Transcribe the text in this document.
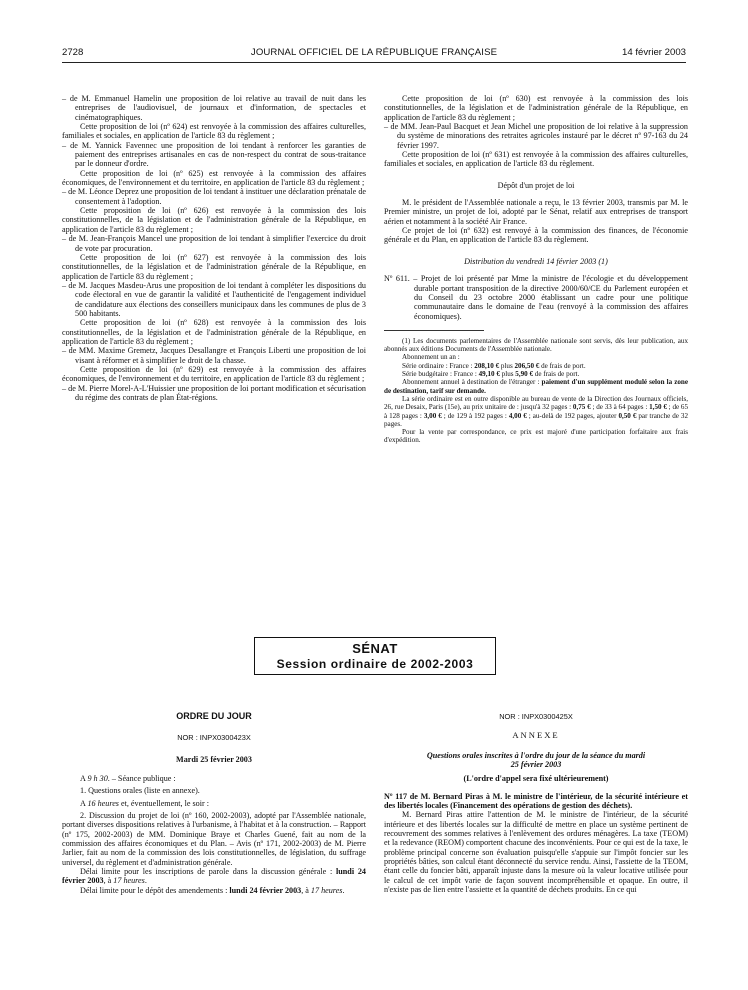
2728	JOURNAL OFFICIEL DE LA RÉPUBLIQUE FRANÇAISE	14 février 2003

– de M. Emmanuel Hamelin une proposition de loi relative au travail de nuit dans les entreprises de l'audiovisuel, de journaux et d'information, de spectacles et cinématographiques.

Cette proposition de loi (nº 624) est renvoyée à la commission des affaires culturelles, familiales et sociales, en application de l'article 83 du règlement ;

– de M. Yannick Favennec une proposition de loi tendant à renforcer les garanties de paiement des entreprises artisanales en cas de non-respect du contrat de sous-traitance par le donneur d'ordre.

Cette proposition de loi (nº 625) est renvoyée à la commission des affaires économiques, de l'environnement et du territoire, en application de l'article 83 du règlement ;

– de M. Léonce Deprez une proposition de loi tendant à instituer une déclaration prénatale de consentement à l'adoption.

Cette proposition de loi (nº 626) est renvoyée à la commission des lois constitutionnelles, de la législation et de l'administration générale de la République, en application de l'article 83 du règlement ;

– de M. Jean-François Mancel une proposition de loi tendant à simplifier l'exercice du droit de vote par procuration.

Cette proposition de loi (nº 627) est renvoyée à la commission des lois constitutionnelles, de la législation et de l'administration générale de la République, en application de l'article 83 du règlement ;

– de M. Jacques Masdeu-Arus une proposition de loi tendant à compléter les dispositions du code électoral en vue de garantir la validité et l'authenticité de l'engagement individuel de candidature aux élections des conseillers municipaux dans les communes de plus de 3 500 habitants.

Cette proposition de loi (nº 628) est renvoyée à la commission des lois constitutionnelles, de la législation et de l'administration générale de la République, en application de l'article 83 du règlement ;

– de MM. Maxime Gremetz, Jacques Desallangre et François Liberti une proposition de loi visant à réformer et à simplifier le droit de la chasse.

Cette proposition de loi (nº 629) est renvoyée à la commission des affaires économiques, de l'environnement et du territoire, en application de l'article 83 du règlement ;

– de M. Pierre Morel-A-L'Huissier une proposition de loi portant modification et sécurisation du régime des contrats de plan État-régions.

Cette proposition de loi (nº 630) est renvoyée à la commission des lois constitutionnelles, de la législation et de l'administration générale de la République, en application de l'article 83 du règlement ;

– de MM. Jean-Paul Bacquet et Jean Michel une proposition de loi relative à la suppression du système de minorations des retraites agricoles instauré par le décret nº 97-163 du 24 février 1997.

Cette proposition de loi (nº 631) est renvoyée à la commission des affaires culturelles, familiales et sociales, en application de l'article 83 du règlement.

Dépôt d'un projet de loi

M. le président de l'Assemblée nationale a reçu, le 13 février 2003, transmis par M. le Premier ministre, un projet de loi, adopté par le Sénat, relatif aux entreprises de transport aérien et notamment à la société Air France.

Ce projet de loi (nº 632) est renvoyé à la commission des finances, de l'économie générale et du Plan, en application de l'article 83 du règlement.

Distribution du vendredi 14 février 2003 (1)

Nº 611. – Projet de loi présenté par Mme la ministre de l'écologie et du développement durable portant transposition de la directive 2000/60/CE du Parlement européen et du Conseil du 23 octobre 2000 établissant un cadre pour une politique communautaire dans le domaine de l'eau (renvoyé à la commission des affaires économiques).

(1) Les documents parlementaires de l'Assemblée nationale sont servis, dès leur publication, aux abonnés aux éditions Documents de l'Assemblée nationale.

Abonnement un an :

Série ordinaire : France : 208,10 € plus 206,50 € de frais de port.

Série budgétaire : France : 49,10 € plus 5,90 € de frais de port.

Abonnement annuel à destination de l'étranger : paiement d'un supplément modulé selon la zone de destination, tarif sur demande.

La série ordinaire est en outre disponible au bureau de vente de la Direction des Journaux officiels, 26, rue Desaix, Paris (15e), au prix unitaire de : jusqu'à 32 pages : 0,75 € ; de 33 à 64 pages : 1,50 € ; de 65 à 128 pages : 3,00 € ; de 129 à 192 pages : 4,00 € ; au-delà de 192 pages, ajouter 0,50 € par tranche de 32 pages.

Pour la vente par correspondance, ce prix est majoré d'une participation forfaitaire aux frais d'expédition.

SÉNAT
Session ordinaire de 2002-2003

ORDRE DU JOUR

NOR : INPX0300423X

Mardi 25 février 2003

A 9 h 30. – Séance publique :

1. Questions orales (liste en annexe).

A 16 heures et, éventuellement, le soir :

2. Discussion du projet de loi (nº 160, 2002-2003), adopté par l'Assemblée nationale, portant diverses dispositions relatives à l'urbanisme, à l'habitat et à la construction. – Rapport (nº 175, 2002-2003) de MM. Dominique Braye et Charles Guené, fait au nom de la commission des affaires économiques et du Plan. – Avis (nº 171, 2002-2003) de M. Pierre Jarlier, fait au nom de la commission des lois constitutionnelles, de législation, du suffrage universel, du règlement et d'administration générale.

Délai limite pour les inscriptions de parole dans la discussion générale : lundi 24 février 2003, à 17 heures.

Délai limite pour le dépôt des amendements : lundi 24 février 2003, à 17 heures.

NOR : INPX0300425X

ANNEXE

Questions orales inscrites à l'ordre du jour de la séance du mardi 25 février 2003

(L'ordre d'appel sera fixé ultérieurement)

Nº 117 de M. Bernard Piras à M. le ministre de l'intérieur, de la sécurité intérieure et des libertés locales (Financement des opérations de gestion des déchets).

M. Bernard Piras attire l'attention de M. le ministre de l'intérieur, de la sécurité intérieure et des libertés locales sur la difficulté de mettre en place un système pertinent de recouvrement des sommes relatives à l'enlèvement des ordures ménagères. La taxe (TEOM) et la redevance (REOM) comportent chacune des inconvénients. Pour ce qui est de la taxe, le problème principal concerne son évaluation puisqu'elle s'appuie sur l'impôt foncier sur les propriétés bâties, son calcul étant déconnecté du service rendu. Ainsi, l'assiette de la TEOM, étant celle du foncier bâti, apparaît injuste dans la mesure où la valeur locative utilisée pour le calcul de cet impôt varie de façon souvent incompréhensible et opaque. En outre, il n'existe pas de lien entre l'assiette et la quantité de déchets produits. En ce qui
